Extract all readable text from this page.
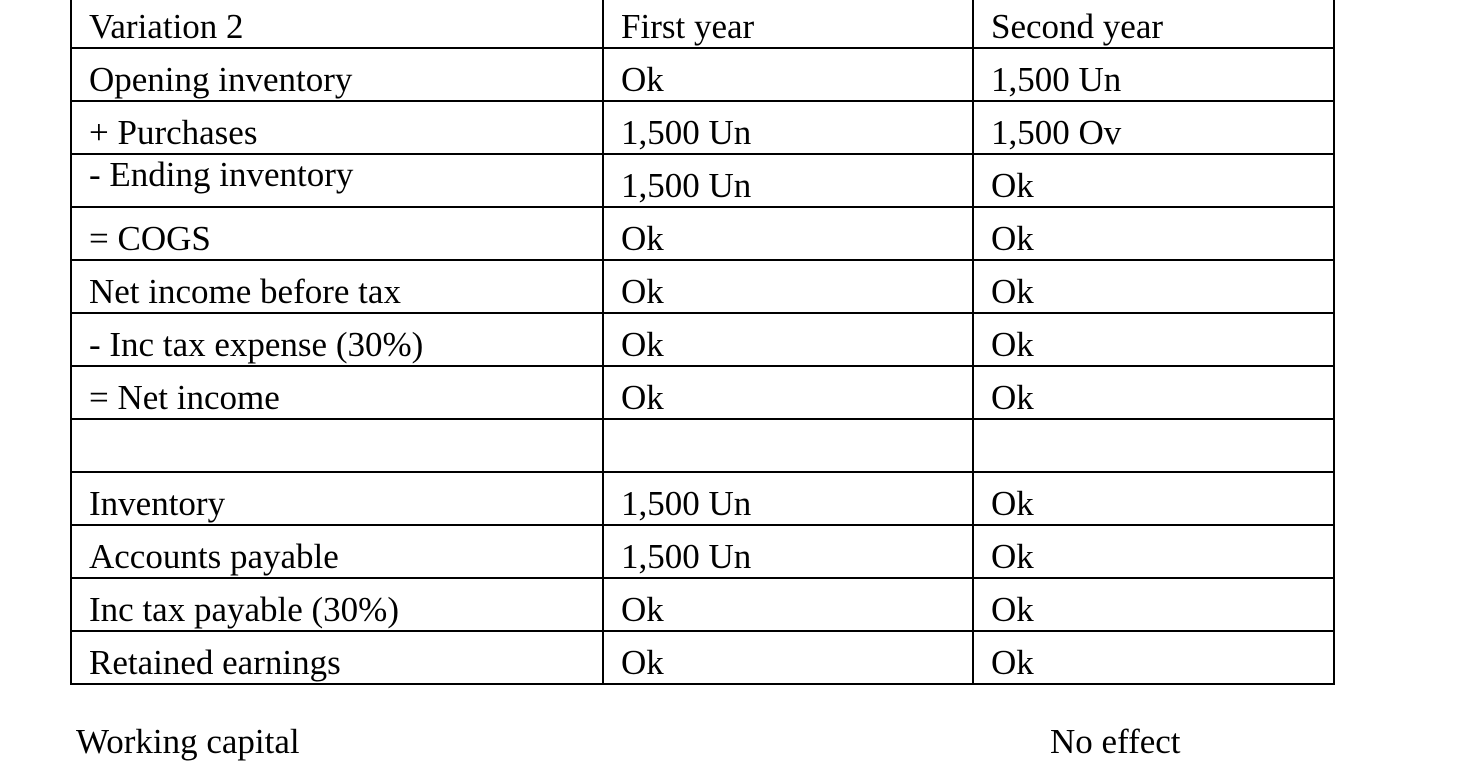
Variation 2	First year	Second year
Opening inventory	Ok	1,500 Un
+ Purchases	1,500 Un	1,500 Ov
- Ending inventory	1,500 Un	Ok
= COGS	Ok	Ok
Net income before tax	Ok	Ok
- Inc tax expense (30%)	Ok	Ok
= Net income	Ok	Ok

Inventory	1,500 Un	Ok
Accounts payable	1,500 Un	Ok
Inc tax payable (30%)	Ok	Ok
Retained earnings	Ok	Ok
Working capital	No effect
